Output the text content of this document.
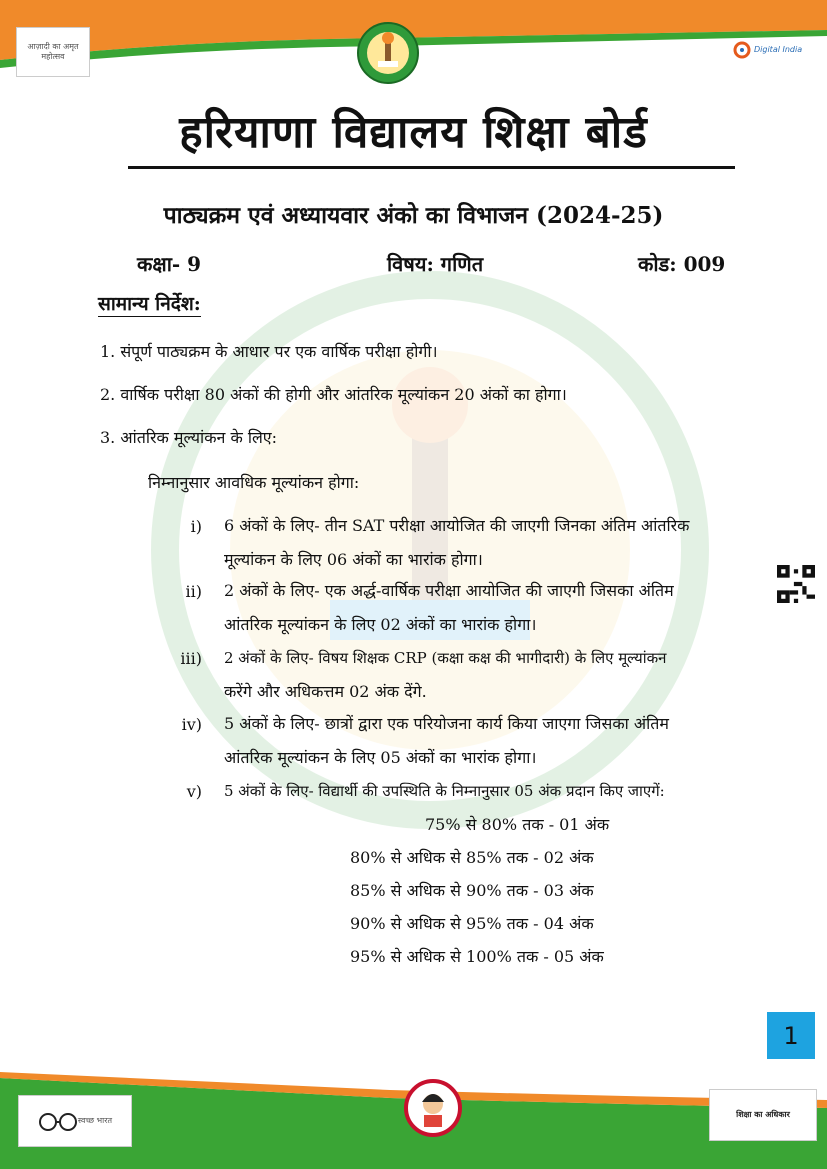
आज़ादी का अमृत महोत्सव
Digital India
हरियाणा विद्यालय शिक्षा बोर्ड
पाठ्यक्रम एवं अध्यायवार अंको का विभाजन (2024-25)
कक्षा- 9	विषय: गणित	कोड: 009
सामान्य निर्देश:
1. संपूर्ण पाठ्यक्रम के आधार पर एक वार्षिक परीक्षा होगी।
2. वार्षिक परीक्षा 80 अंकों की होगी और आंतरिक मूल्यांकन 20 अंकों का होगा।
3. आंतरिक मूल्यांकन के लिए:
निम्नानुसार आवधिक मूल्यांकन होगा:
i) 6 अंकों के लिए- तीन SAT परीक्षा आयोजित की जाएगी जिनका अंतिम आंतरिक
मूल्यांकन के लिए 06 अंकों का भारांक होगा।
ii) 2 अंकों के लिए- एक अर्द्ध-वार्षिक परीक्षा आयोजित की जाएगी जिसका अंतिम
आंतरिक मूल्यांकन के लिए 02 अंकों का भारांक होगा।
iii) 2 अंकों के लिए- विषय शिक्षक CRP (कक्षा कक्ष की भागीदारी) के लिए मूल्यांकन
करेंगे और अधिकत्तम 02 अंक देंगे.
iv) 5 अंकों के लिए- छात्रों द्वारा एक परियोजना कार्य किया जाएगा जिसका अंतिम
आंतरिक मूल्यांकन के लिए 05 अंकों का भारांक होगा।
v) 5 अंकों के लिए- विद्यार्थी की उपस्थिति के निम्नानुसार 05 अंक प्रदान किए जाएगें:
75% से 80% तक - 01 अंक
80% से अधिक से 85% तक - 02 अंक
85% से अधिक से 90% तक - 03 अंक
90% से अधिक से 95% तक - 04 अंक
95% से अधिक से 100% तक - 05 अंक
1
स्वच्छ भारत
शिक्षा का अधिकार
